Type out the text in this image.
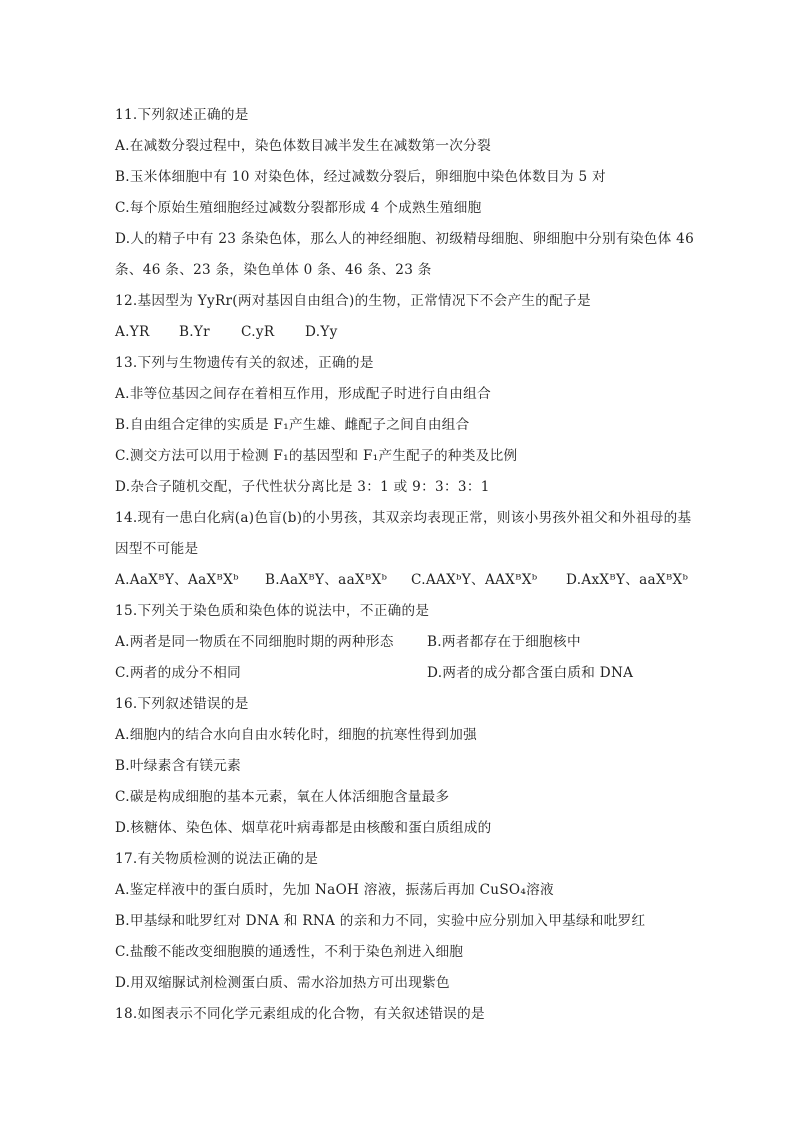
11.下列叙述正确的是
A.在减数分裂过程中，染色体数目减半发生在减数第一次分裂
B.玉米体细胞中有 10 对染色体，经过减数分裂后，卵细胞中染色体数目为 5 对
C.每个原始生殖细胞经过减数分裂都形成 4 个成熟生殖细胞
D.人的精子中有 23 条染色体，那么人的神经细胞、初级精母细胞、卵细胞中分别有染色体 46
条、46 条、23 条，染色单体 0 条、46 条、23 条
12.基因型为 YyRr(两对基因自由组合)的生物，正常情况下不会产生的配子是
A.YR B.Yr C.yR D.Yy
13.下列与生物遗传有关的叙述，正确的是
A.非等位基因之间存在着相互作用，形成配子时进行自由组合
B.自由组合定律的实质是 F₁产生雄、雌配子之间自由组合
C.测交方法可以用于检测 F₁的基因型和 F₁产生配子的种类及比例
D.杂合子随机交配，子代性状分离比是 3：1 或 9：3：3：1
14.现有一患白化病(a)色盲(b)的小男孩，其双亲均表现正常，则该小男孩外祖父和外祖母的基
因型不可能是
A.AaXᴮY、AaXᴮXᵇ B.AaXᴮY、aaXᴮXᵇ C.AAXᵇY、AAXᴮXᵇ D.AxXᴮY、aaXᴮXᵇ
15.下列关于染色质和染色体的说法中，不正确的是
A.两者是同一物质在不同细胞时期的两种形态 B.两者都存在于细胞核中
C.两者的成分不相同	D.两者的成分都含蛋白质和 DNA
16.下列叙述错误的是
A.细胞内的结合水向自由水转化时，细胞的抗寒性得到加强
B.叶绿素含有镁元素
C.碳是构成细胞的基本元素，氧在人体活细胞含量最多
D.核糖体、染色体、烟草花叶病毒都是由核酸和蛋白质组成的
17.有关物质检测的说法正确的是
A.鉴定样液中的蛋白质时，先加 NaOH 溶液，振荡后再加 CuSO₄溶液
B.甲基绿和吡罗红对 DNA 和 RNA 的亲和力不同，实验中应分别加入甲基绿和吡罗红
C.盐酸不能改变细胞膜的通透性，不利于染色剂进入细胞
D.用双缩脲试剂检测蛋白质、需水浴加热方可出现紫色
18.如图表示不同化学元素组成的化合物，有关叙述错误的是
